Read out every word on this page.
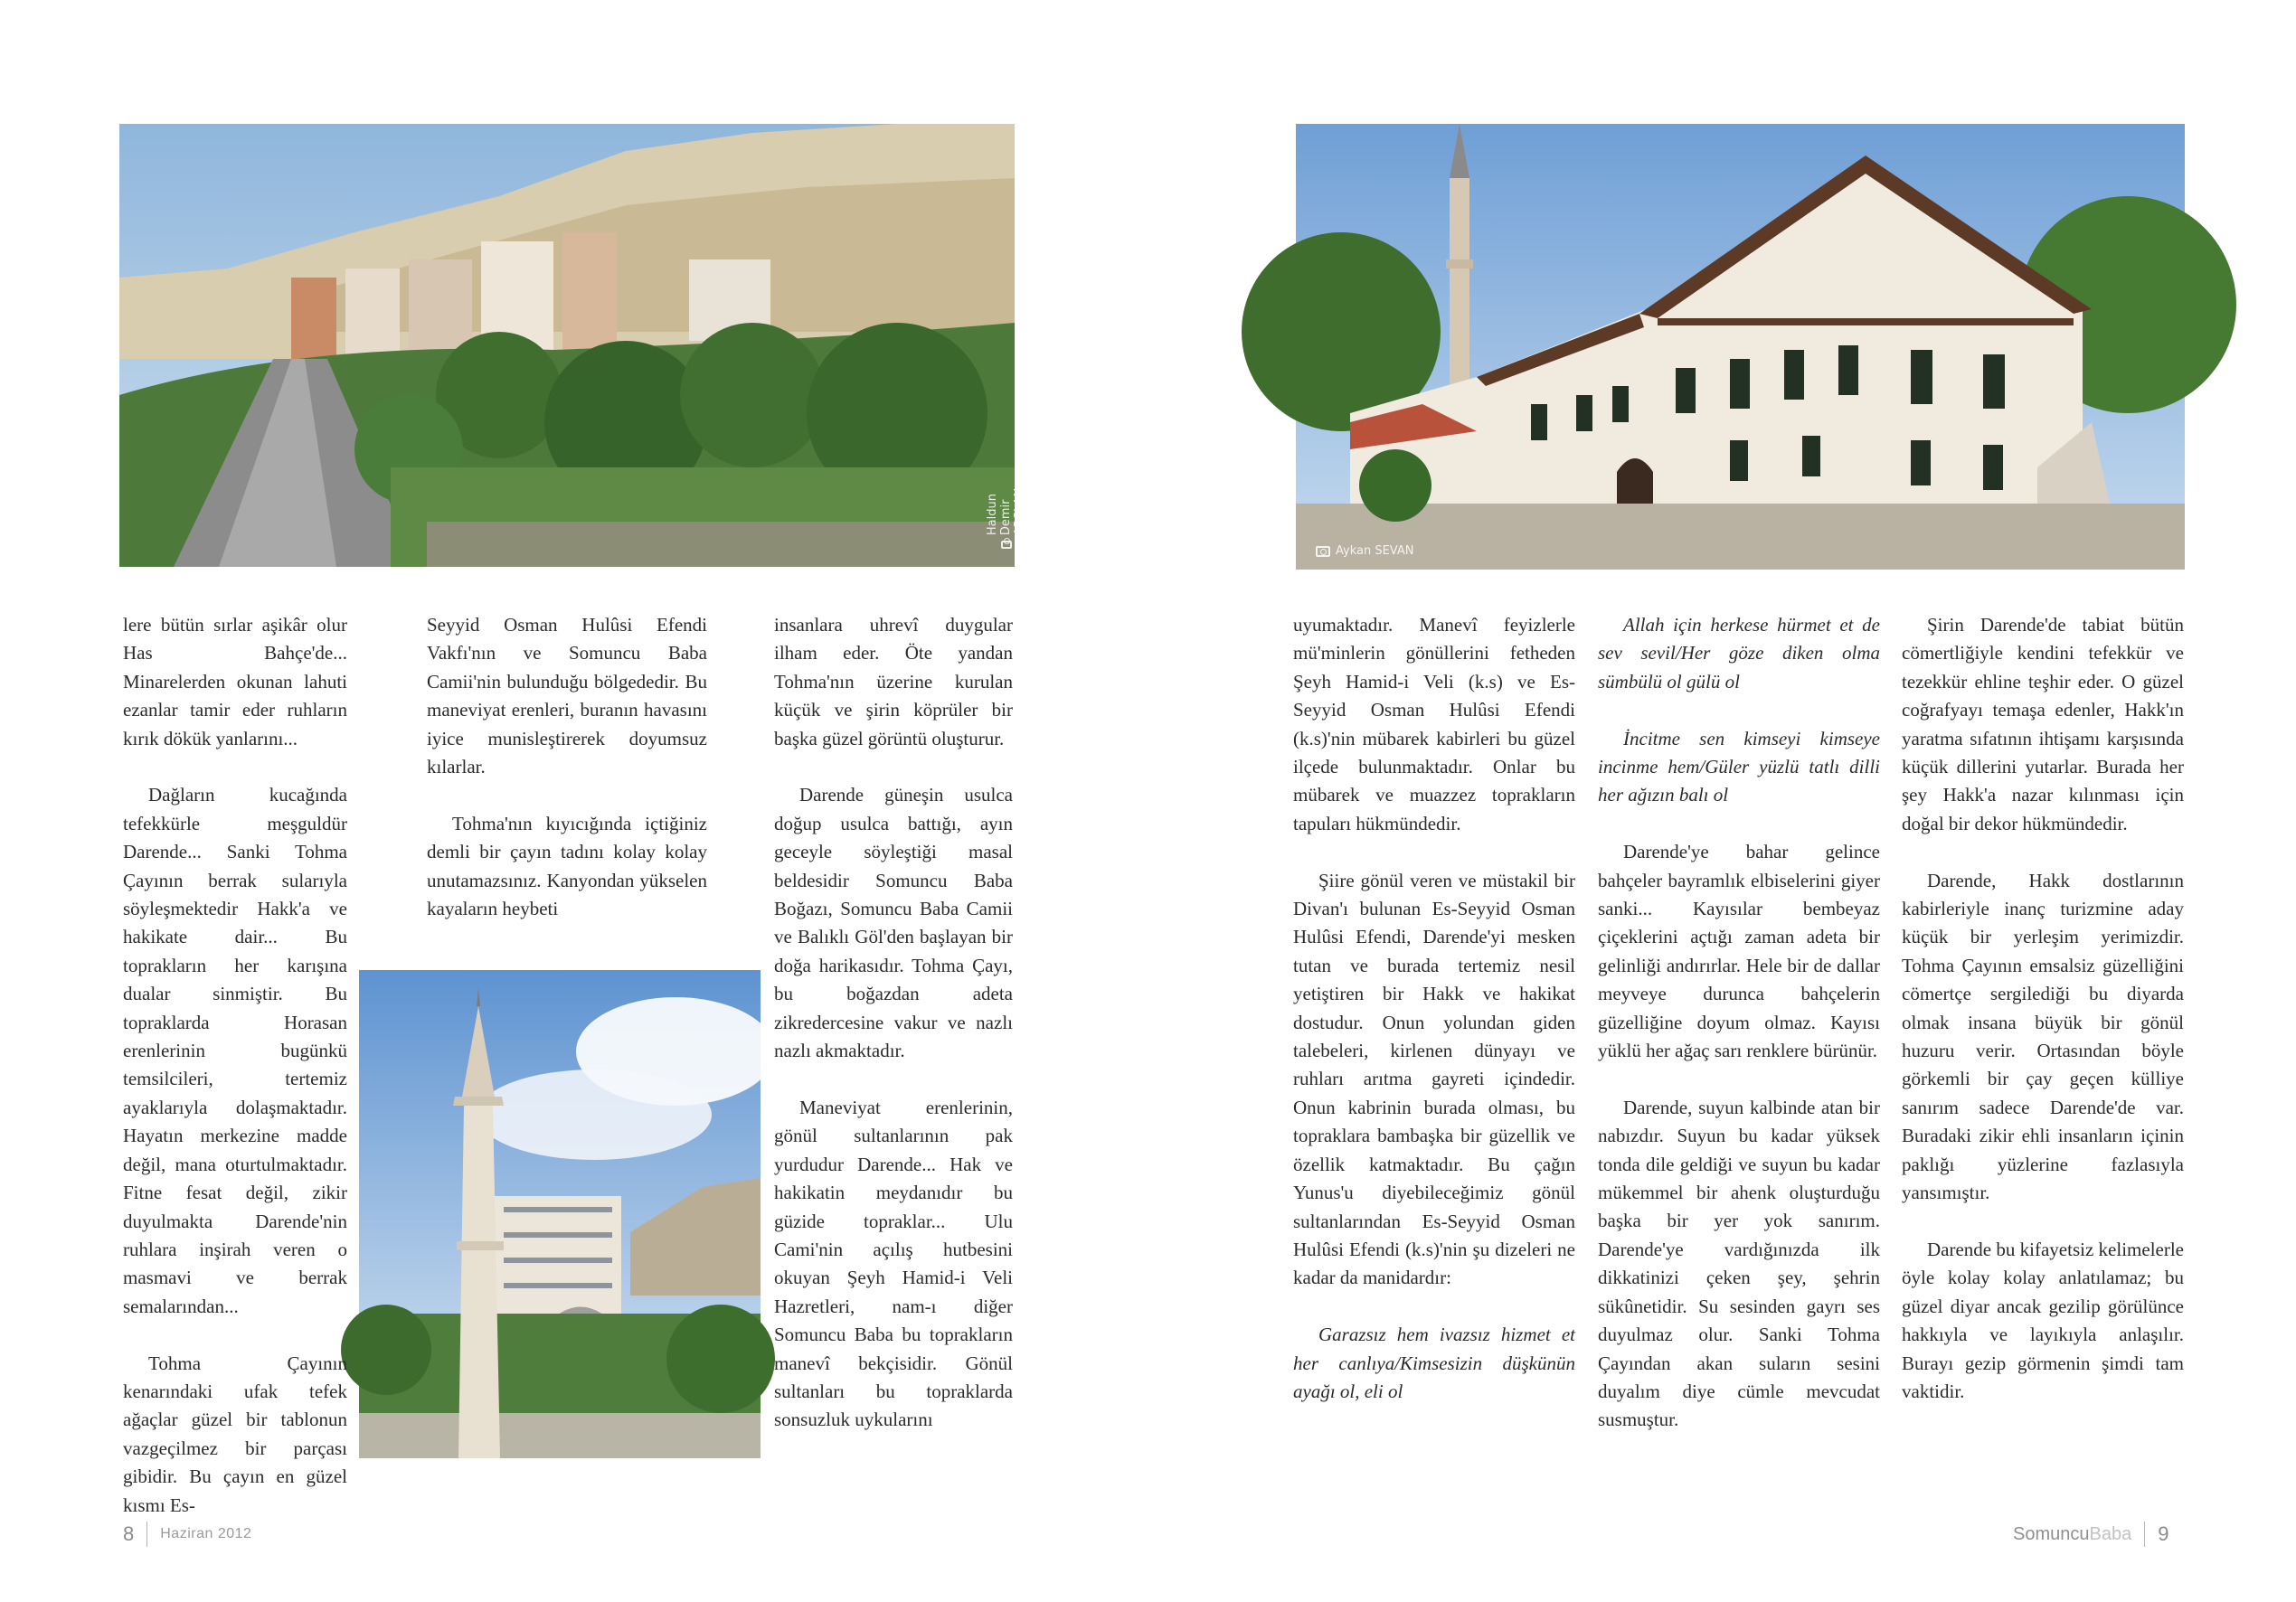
Haldun Demir ARSLAN
Aykan SEVAN

lere bütün sırlar aşikâr olur Has Bahçe'de... Minarelerden okunan lahuti ezanlar tamir eder ruhların kırık dökük yanlarını...

Dağların kucağında tefekkürle meşguldür Darende... Sanki Tohma Çayının berrak sularıyla söyleşmektedir Hakk'a ve hakikate dair... Bu toprakların her karışına dualar sinmiştir. Bu topraklarda Horasan erenlerinin bugünkü temsilcileri, tertemiz ayaklarıyla dolaşmaktadır. Hayatın merkezine madde değil, mana oturtulmaktadır. Fitne fesat değil, zikir duyulmakta Darende'nin ruhlara inşirah veren o masmavi ve berrak semalarından...

Tohma Çayının kenarındaki ufak tefek ağaçlar güzel bir tablonun vazgeçilmez bir parçası gibidir. Bu çayın en güzel kısmı Es-

Seyyid Osman Hulûsi Efendi Vakfı'nın ve Somuncu Baba Camii'nin bulunduğu bölgededir. Bu maneviyat erenleri, buranın havasını iyice munisleştirerek doyumsuz kılarlar.

Tohma'nın kıyıcığında içtiğiniz demli bir çayın tadını kolay kolay unutamazsınız. Kanyondan yükselen kayaların heybeti

insanlara uhrevî duygular ilham eder. Öte yandan Tohma'nın üzerine kurulan küçük ve şirin köprüler bir başka güzel görüntü oluşturur.

Darende güneşin usulca doğup usulca battığı, ayın geceyle söyleştiği masal beldesidir Somuncu Baba Boğazı, Somuncu Baba Camii ve Balıklı Göl'den başlayan bir doğa harikasıdır. Tohma Çayı, bu boğazdan adeta zikredercesine vakur ve nazlı nazlı akmaktadır.

Maneviyat erenlerinin, gönül sultanlarının pak yurdudur Darende... Hak ve hakikatin meydanıdır bu güzide topraklar... Ulu Cami'nin açılış hutbesini okuyan Şeyh Hamid-i Veli Hazretleri, nam-ı diğer Somuncu Baba bu toprakların manevî bekçisidir. Gönül sultanları bu topraklarda sonsuzluk uykularını

uyumaktadır. Manevî feyizlerle mü'minlerin gönüllerini fetheden Şeyh Hamid-i Veli (k.s) ve Es-Seyyid Osman Hulûsi Efendi (k.s)'nin mübarek kabirleri bu güzel ilçede bulunmaktadır. Onlar bu mübarek ve muazzez toprakların tapuları hükmündedir.

Şiire gönül veren ve müstakil bir Divan'ı bulunan Es-Seyyid Osman Hulûsi Efendi, Darende'yi mesken tutan ve burada tertemiz nesil yetiştiren bir Hakk ve hakikat dostudur. Onun yolundan giden talebeleri, kirlenen dünyayı ve ruhları arıtma gayreti içindedir. Onun kabrinin burada olması, bu topraklara bambaşka bir güzellik ve özellik katmaktadır. Bu çağın Yunus'u diyebileceğimiz gönül sultanlarından Es-Seyyid Osman Hulûsi Efendi (k.s)'nin şu dizeleri ne kadar da manidardır:

Garazsız hem ivazsız hizmet et her canlıya/Kimsesizin düşkünün ayağı ol, eli ol

Allah için herkese hürmet et de sev sevil/Her göze diken olma sümbülü ol gülü ol

İncitme sen kimseyi kimseye incinme hem/Güler yüzlü tatlı dilli her ağızın balı ol

Darende'ye bahar gelince bahçeler bayramlık elbiselerini giyer sanki... Kayısılar bembeyaz çiçeklerini açtığı zaman adeta bir gelinliği andırırlar. Hele bir de dallar meyveye durunca bahçelerin güzelliğine doyum olmaz. Kayısı yüklü her ağaç sarı renklere bürünür.

Darende, suyun kalbinde atan bir nabızdır. Suyun bu kadar yüksek tonda dile geldiği ve suyun bu kadar mükemmel bir ahenk oluşturduğu başka bir yer yok sanırım. Darende'ye vardığınızda ilk dikkatinizi çeken şey, şehrin sükûnetidir. Su sesinden gayrı ses duyulmaz olur. Sanki Tohma Çayından akan suların sesini duyalım diye cümle mevcudat susmuştur.

Şirin Darende'de tabiat bütün cömertliğiyle kendini tefekkür ve tezekkür ehline teşhir eder. O güzel coğrafyayı temaşa edenler, Hakk'ın yaratma sıfatının ihtişamı karşısında küçük dillerini yutarlar. Burada her şey Hakk'a nazar kılınması için doğal bir dekor hükmündedir.

Darende, Hakk dostlarının kabirleriyle inanç turizmine aday küçük bir yerleşim yerimizdir. Tohma Çayının emsalsiz güzelliğini cömertçe sergilediği bu diyarda olmak insana büyük bir gönül huzuru verir. Ortasından böyle görkemli bir çay geçen külliye sanırım sadece Darende'de var. Buradaki zikir ehli insanların içinin paklığı yüzlerine fazlasıyla yansımıştır.

Darende bu kifayetsiz kelimelerle öyle kolay kolay anlatılamaz; bu güzel diyar ancak gezilip görülünce hakkıyla ve layıkıyla anlaşılır. Burayı gezip görmenin şimdi tam vaktidir.

8 Haziran 2012	SomuncuBaba 9
